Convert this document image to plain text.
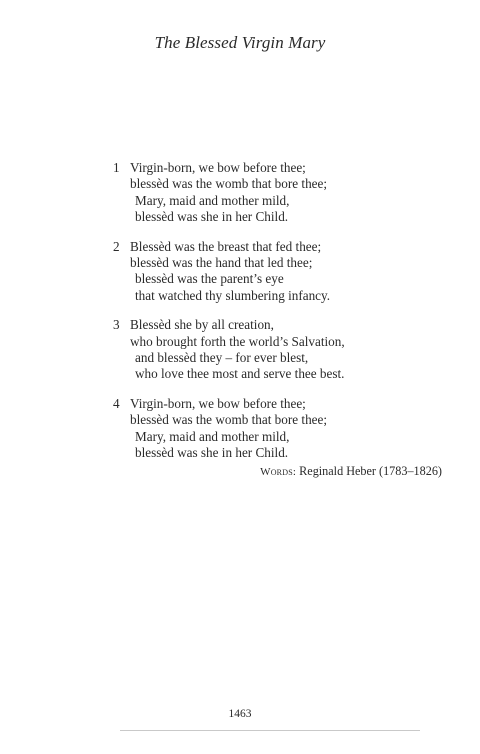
The Blessed Virgin Mary
1 Virgin-born, we bow before thee;
blessèd was the womb that bore thee;
Mary, maid and mother mild,
blessèd was she in her Child.
2 Blessèd was the breast that fed thee;
blessèd was the hand that led thee;
blessèd was the parent’s eye
that watched thy slumbering infancy.
3 Blessèd she by all creation,
who brought forth the world’s Salvation,
and blessèd they – for ever blest,
who love thee most and serve thee best.
4 Virgin-born, we bow before thee;
blessèd was the womb that bore thee;
Mary, maid and mother mild,
blessèd was she in her Child.
Words: Reginald Heber (1783–1826)
1463
